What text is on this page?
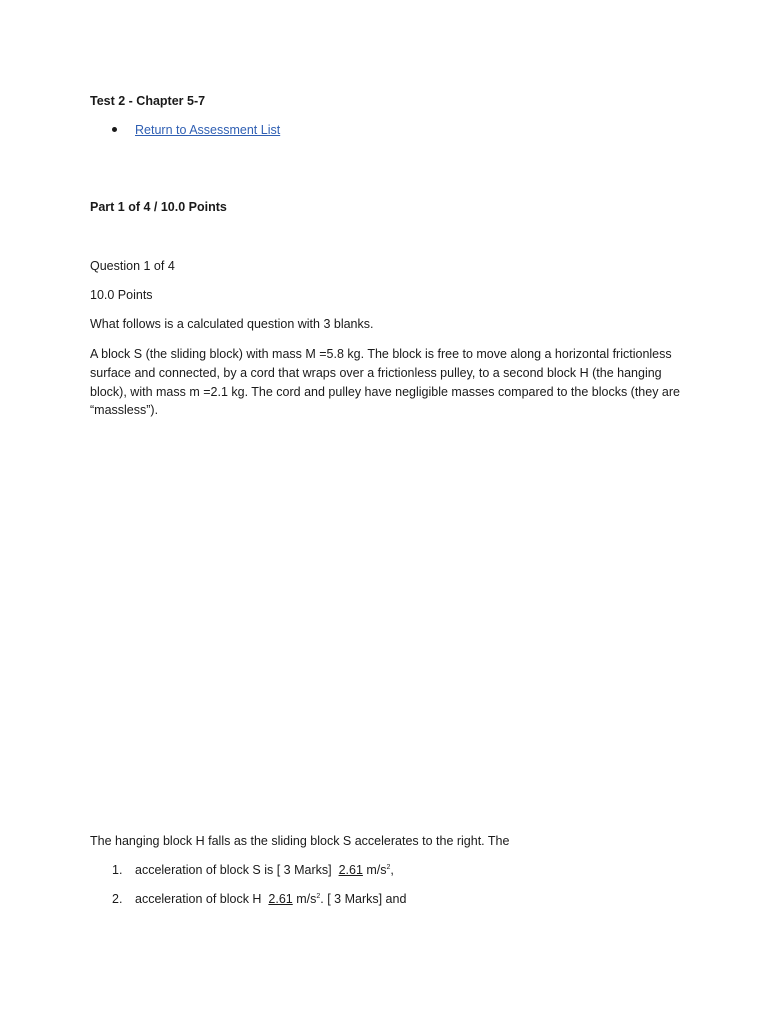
Test 2 - Chapter 5-7
Return to Assessment List
Part 1 of 4 / 10.0 Points
Question 1 of 4
10.0 Points
What follows is a calculated question with 3 blanks.
A block S (the sliding block) with mass M =5.8 kg. The block is free to move along a horizontal frictionless surface and connected, by a cord that wraps over a frictionless pulley, to a second block H (the hanging block), with mass m =2.1 kg. The cord and pulley have negligible masses compared to the blocks (they are “massless”).
The hanging block H falls as the sliding block S accelerates to the right. The
1. acceleration of block S is [ 3 Marks]  2.61 $m/s^2$,
2. acceleration of block H  2.61 $m/s^2$. [ 3 Marks] and
